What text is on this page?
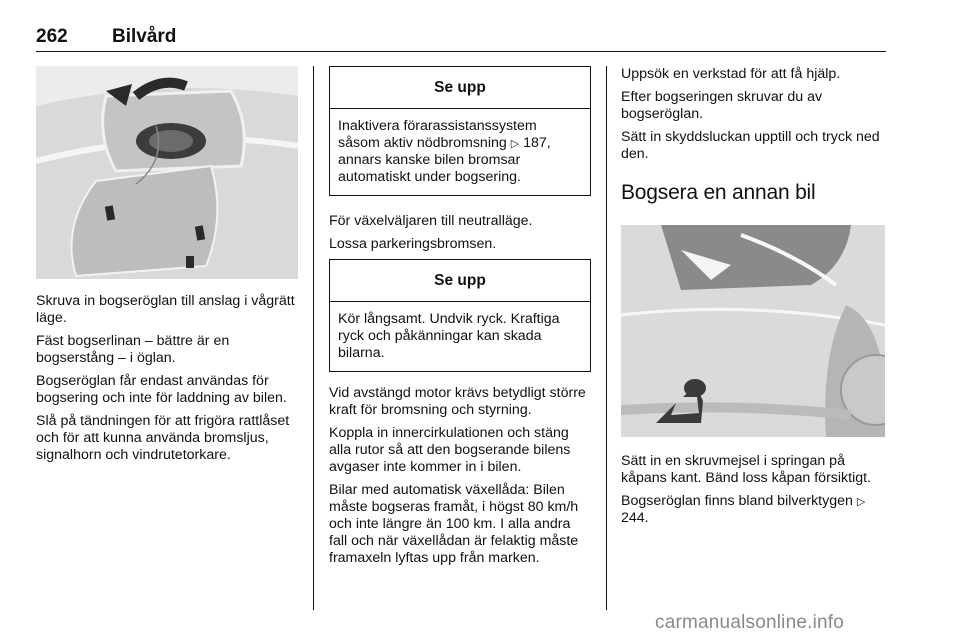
262 Bilvård

Skruva in bogseröglan till anslag i vågrätt läge.

Fäst bogserlinan – bättre är en bogserstång – i öglan.

Bogseröglan får endast användas för bogsering och inte för laddning av bilen.

Slå på tändningen för att frigöra rattlåset och för att kunna använda bromsljus, signalhorn och vindrutetorkare.

Se upp

Inaktivera förarassistanssystem såsom aktiv nödbromsning ▷ 187, annars kanske bilen bromsar automatiskt under bogsering.

För växelväljaren till neutralläge.

Lossa parkeringsbromsen.

Se upp

Kör långsamt. Undvik ryck. Kraftiga ryck och påkänningar kan skada bilarna.

Vid avstängd motor krävs betydligt större kraft för bromsning och styrning.

Koppla in innercirkulationen och stäng alla rutor så att den bogserande bilens avgaser inte kommer in i bilen.

Bilar med automatisk växellåda: Bilen måste bogseras framåt, i högst 80 km/h och inte längre än 100 km. I alla andra fall och när växellådan är felaktig måste framaxeln lyftas upp från marken.

Uppsök en verkstad för att få hjälp.

Efter bogseringen skruvar du av bogseröglan.

Sätt in skyddsluckan upptill och tryck ned den.

Bogsera en annan bil

Sätt in en skruvmejsel i springan på kåpans kant. Bänd loss kåpan försiktigt.

Bogseröglan finns bland bilverktygen ▷ 244.

carmanualsonline.info
